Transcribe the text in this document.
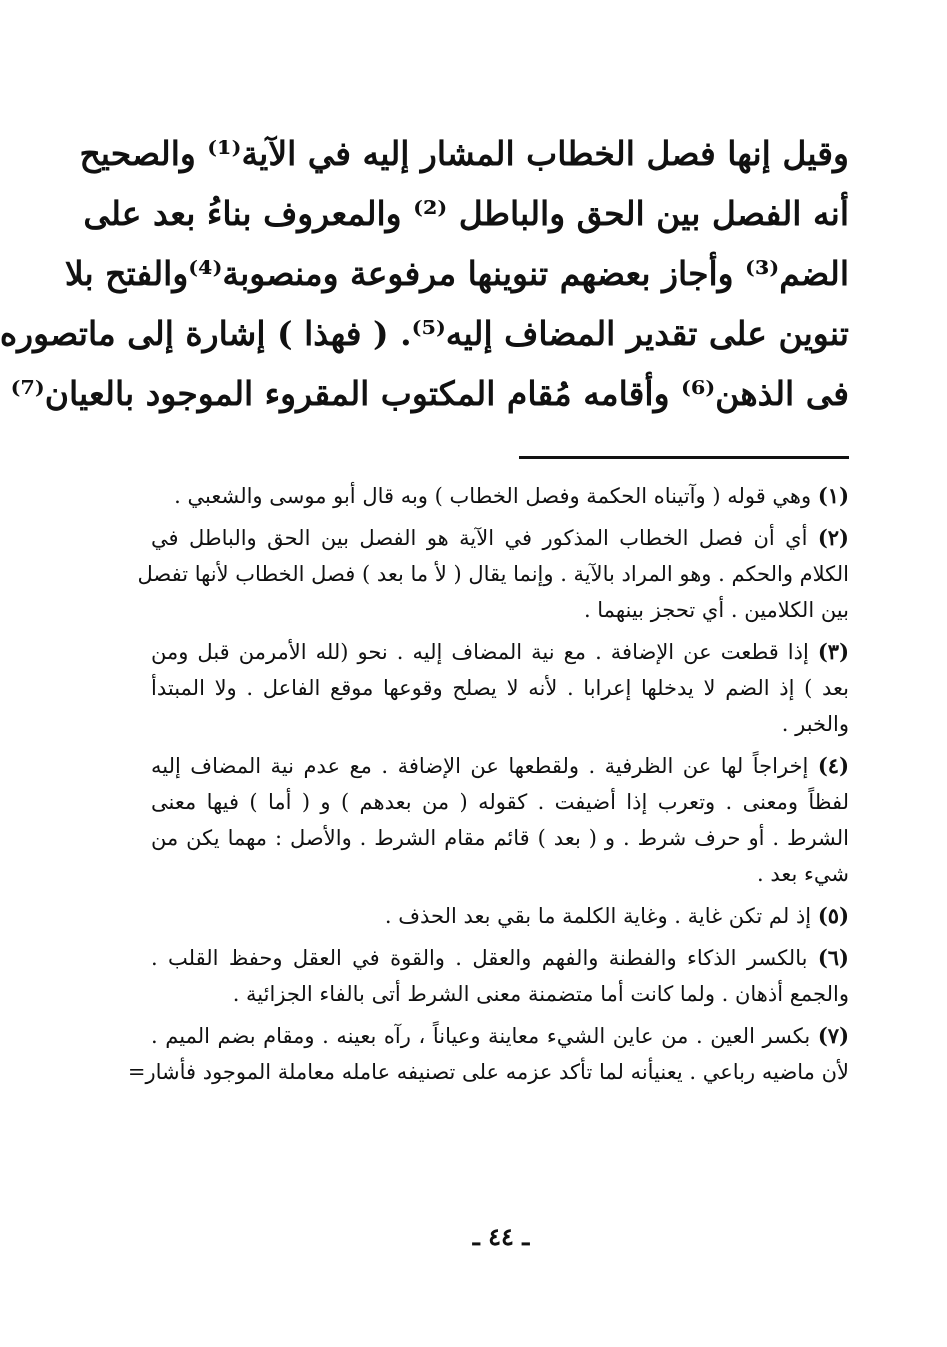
وقيل إنها فصل الخطاب المشار إليه في الآية⁽¹⁾ والصحيح
أنه الفصل بين الحق والباطل ⁽²⁾ والمعروف بناءُ بعد على
الضم⁽³⁾ وأجاز بعضهم تنوينها مرفوعة ومنصوبة⁽⁴⁾والفتح بلا
تنوين على تقدير المضاف إليه⁽⁵⁾. ( فهذا ) إشارة إلى ماتصوره
فى الذهن⁽⁶⁾ وأقامه مُقام المكتوب المقروء الموجود بالعيان⁽⁷⁾
(١) وهي قوله ( وآتيناه الحكمة وفصل الخطاب ) وبه قال أبو موسى والشعبي .
(٢) أي أن فصل الخطاب المذكور في الآية هو الفصل بين الحق والباطل في
الكلام والحكم . وهو المراد بالآية . وإنما يقال ( لأ ما بعد ) فصل الخطاب لأنها تفصل
بين الكلامين . أي تحجز بينهما .
(٣) إذا قطعت عن الإضافة . مع نية المضاف إليه . نحو (لله الأمرمن قبل ومن
بعد ) إذ الضم لا يدخلها إعرابا . لأنه لا يصلح وقوعها موقع الفاعل . ولا المبتدأ
والخبر .
(٤) إخراجاً لها عن الظرفية . ولقطعها عن الإضافة . مع عدم نية المضاف إليه
لفظاً ومعنى . وتعرب إذا أضيفت . كقوله ( من بعدهم ) و ( أما ) فيها معنى
الشرط . أو حرف شرط . و ( بعد ) قائم مقام الشرط . والأصل : مهما يكن من
شيء بعد .
(٥) إذ لم تكن غاية . وغاية الكلمة ما بقي بعد الحذف .
(٦) بالكسر الذكاء والفطنة والفهم والعقل . والقوة في العقل وحفظ القلب .
والجمع أذهان . ولما كانت أما متضمنة معنى الشرط أتى بالفاء الجزائية .
(٧) بكسر العين . من عاين الشيء معاينة وعياناً ، رآه بعينه . ومقام بضم الميم .
لأن ماضيه رباعي . يعنيأنه لما تأكد عزمه على تصنيفه عامله معاملة الموجود فأشار=
ـ ٤٤ ـ
